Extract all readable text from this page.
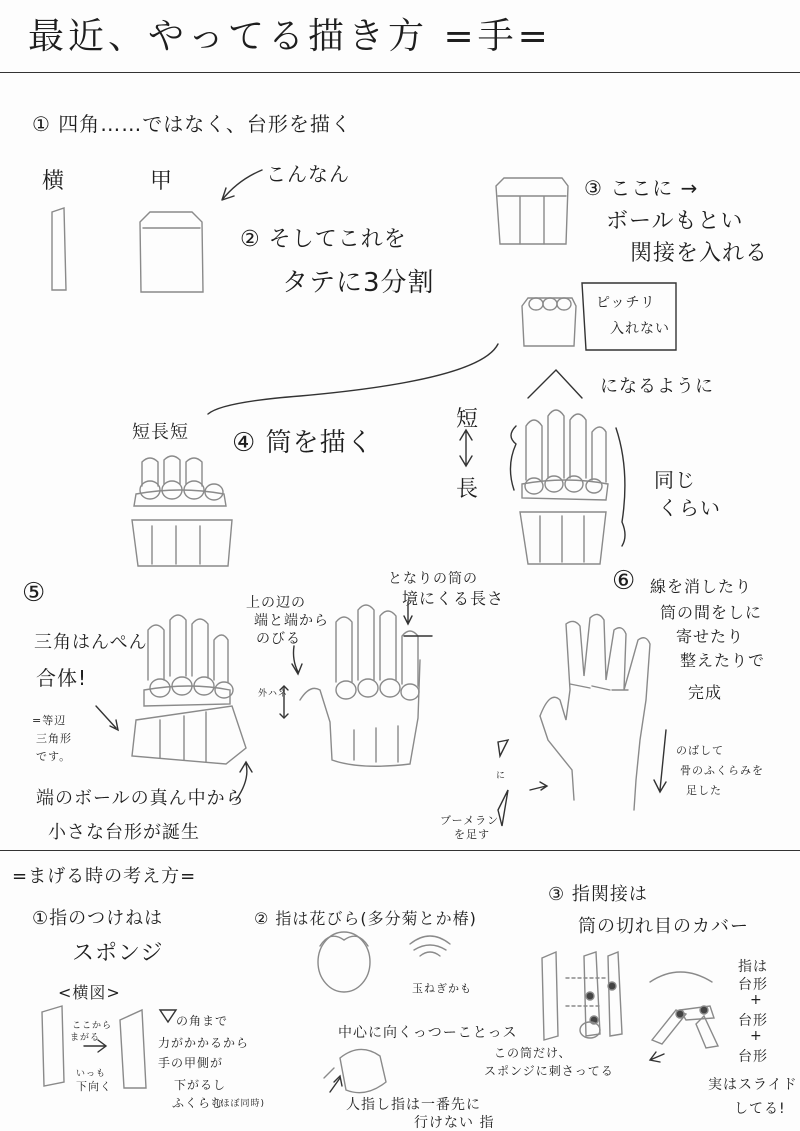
最近、やってる描き方 =手=
① 四角……ではなく、台形を描く
横	甲	こんなん
② そしてこれを
タテに3分割
③ ここに →
ボールもとい
関接を入れる
ピッチリ
入れない
になるように
短長短 ④ 筒を描く
短
長	同じ
くらい
⑤
三角はんぺん
合体!
=等辺
三角形
です。
端のボールの真ん中から
小さな台形が誕生
上の辺の
端と端から
のびる
となりの筒の
境にくる長さ
外ハネ
⑥ 線を消したり
筒の間をしに
寄せたり
整えたりで
完成
のばして
骨のふくらみを
足した
に
ブーメラン
を足す
=まげる時の考え方=
①指のつけねは
スポンジ
<横図>
ここから
まがる
いっも
下向く
の角まで
力がかかるから
手の甲側が
下がるし
ふくらむ
(ほぼ同時)
② 指は花びら(多分菊とか椿)
玉ねぎかも
中心に向くっつーことっス
人指し指は一番先に
行けない 指
③ 指関接は
筒の切れ目のカバー
この筒だけ、
スポンジに刺さってる
指は
台形
+
台形
+
台形
実はスライド
してる!
